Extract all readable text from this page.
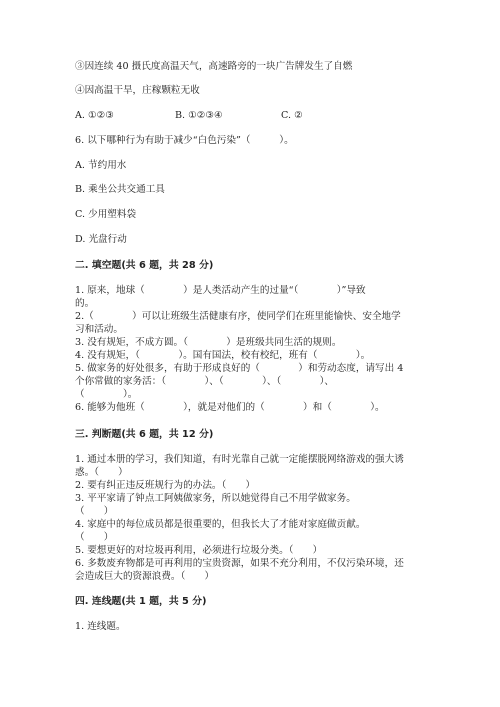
③因连续 40 摄氏度高温天气，高速路旁的一块广告牌发生了自燃
④因高温干旱，庄稼颗粒无收
A. ①②③	B. ①②③④	C. ②
6. 以下哪种行为有助于减少“白色污染”（　　　）。
A. 节约用水
B. 乘坐公共交通工具
C. 少用塑料袋
D. 光盘行动
二. 填空题(共 6 题，共 28 分)
1. 原来，地球（　　　　）是人类活动产生的过量“（　　　　）”导致
的。
2.（　　　　）可以让班级生活健康有序，使同学们在班里能愉快、安全地学
习和活动。
3. 没有规矩，不成方圆。（　　　　）是班级共同生活的规则。
4. 没有规矩，（　　　　）。国有国法，校有校纪，班有（　　　　）。
5. 做家务的好处很多，有助于形成良好的（　　　　）和劳动态度，请写出 4
个你常做的家务活：（　　　　）、（　　　　）、（　　　　）、
（　　　　）。
6. 能够为他班（　　　　），就是对他们的（　　　　）和（　　　　）。
三. 判断题(共 6 题，共 12 分)
1. 通过本册的学习，我们知道，有时光靠自己就一定能摆脱网络游戏的强大诱
惑。（　　）
2. 要有纠正违反班规行为的办法。（　　）
3. 平平家请了钟点工阿姨做家务，所以她觉得自己不用学做家务。
（　　）
4. 家庭中的每位成员都是很重要的，但我长大了才能对家庭做贡献。
（　　）
5. 要想更好的对垃圾再利用，必须进行垃圾分类。（　　）
6. 多数废弃物都是可再利用的宝贵资源，如果不充分利用，不仅污染环境，还
会造成巨大的资源浪费。（　　）
四. 连线题(共 1 题，共 5 分)
1. 连线题。
